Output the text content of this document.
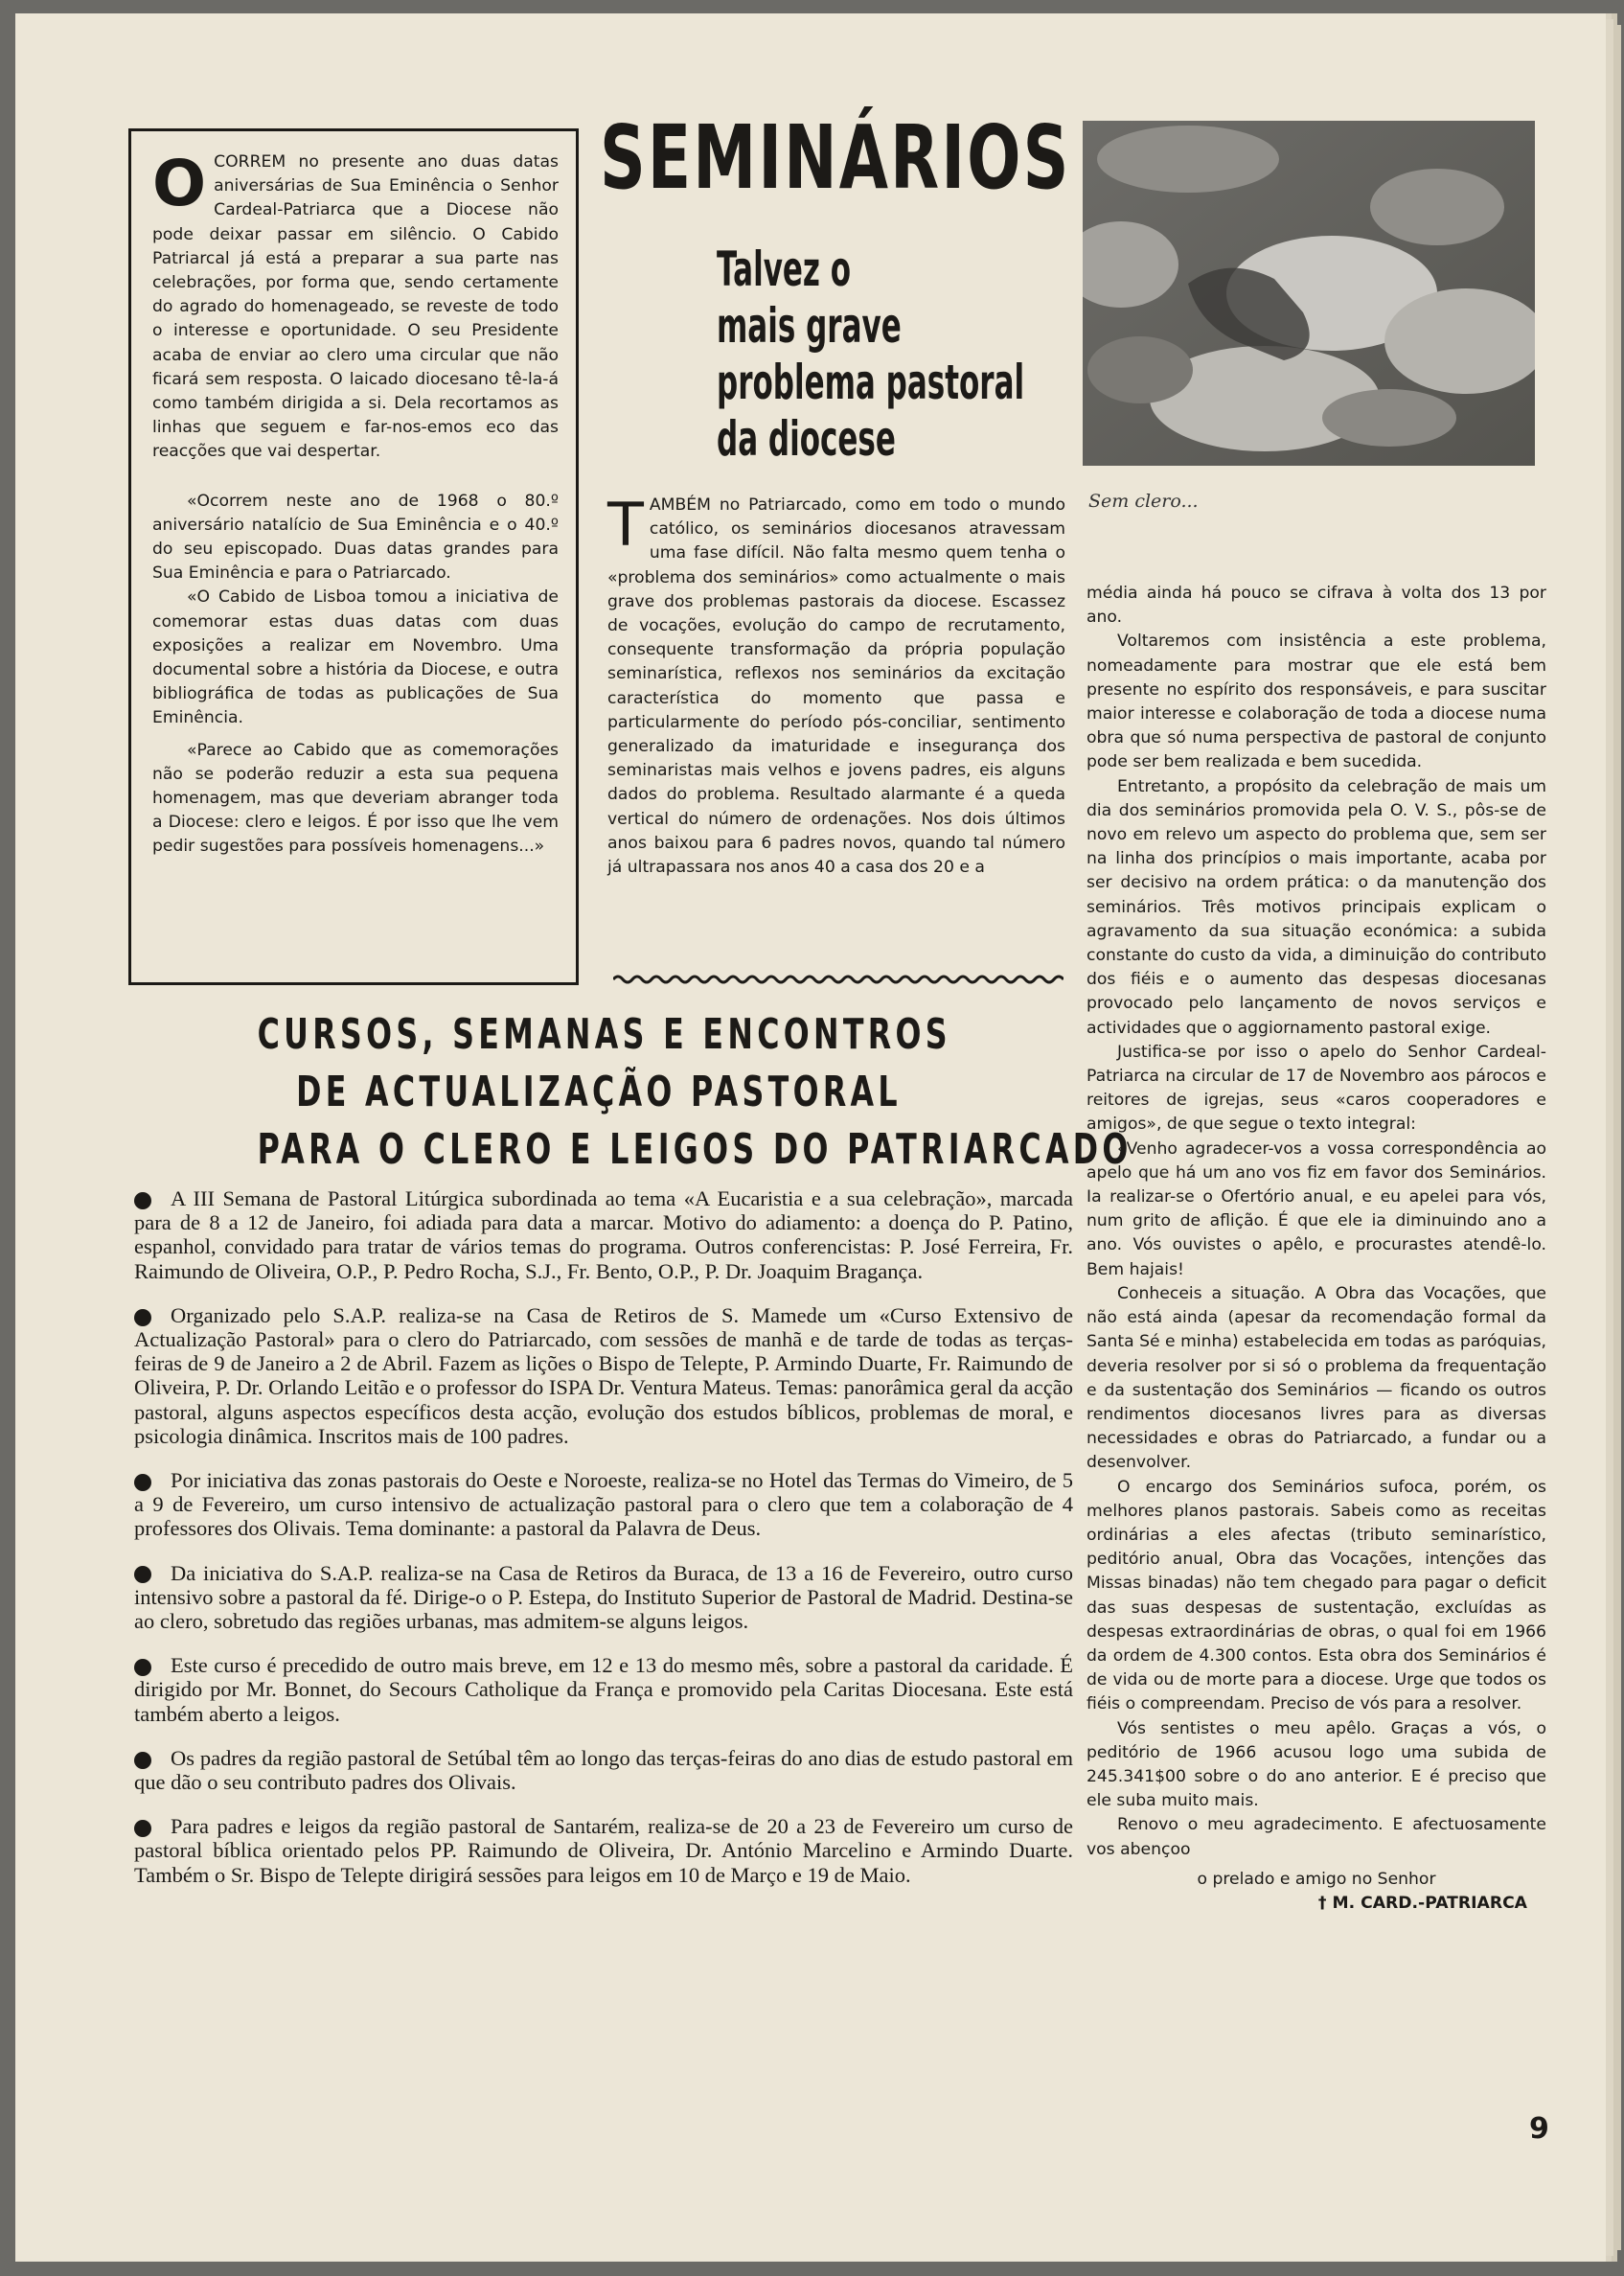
OCORREM no presente ano duas datas aniversárias de Sua Eminência o Senhor Cardeal-Patriarca que a Diocese não pode deixar passar em silêncio. O Cabido Patriarcal já está a preparar a sua parte nas celebrações, por forma que, sendo certamente do agrado do homenageado, se reveste de todo o interesse e oportunidade. O seu Presidente acaba de enviar ao clero uma circular que não ficará sem resposta. O laicado diocesano tê-la-á como também dirigida a si. Dela recortamos as linhas que seguem e far-nos-emos eco das reacções que vai despertar.

«Ocorrem neste ano de 1968 o 80.º aniversário natalício de Sua Eminência e o 40.º do seu episcopado. Duas datas grandes para Sua Eminência e para o Patriarcado.

«O Cabido de Lisboa tomou a iniciativa de comemorar estas duas datas com duas exposições a realizar em Novembro. Uma documental sobre a história da Diocese, e outra bibliográfica de todas as publicações de Sua Eminência.

«Parece ao Cabido que as comemorações não se poderão reduzir a esta sua pequena homenagem, mas que deveriam abranger toda a Diocese: clero e leigos. É por isso que lhe vem pedir sugestões para possíveis homenagens...»

SEMINÁRIOS
Talvez o
mais grave
problema pastoral
da diocese

TAMBÉM no Patriarcado, como em todo o mundo católico, os seminários diocesanos atravessam uma fase difícil. Não falta mesmo quem tenha o «problema dos seminários» como actualmente o mais grave dos problemas pastorais da diocese. Escassez de vocações, evolução do campo de recrutamento, consequente transformação da própria população seminarística, reflexos nos seminários da excitação característica do momento que passa e particularmente do período pós-conciliar, sentimento generalizado da imaturidade e insegurança dos seminaristas mais velhos e jovens padres, eis alguns dados do problema. Resultado alarmante é a queda vertical do número de ordenações. Nos dois últimos anos baixou para 6 padres novos, quando tal número já ultrapassara nos anos 40 a casa dos 20 e a

Sem clero...

média ainda há pouco se cifrava à volta dos 13 por ano.

Voltaremos com insistência a este problema, nomeadamente para mostrar que ele está bem presente no espírito dos responsáveis, e para suscitar maior interesse e colaboração de toda a diocese numa obra que só numa perspectiva de pastoral de conjunto pode ser bem realizada e bem sucedida.

Entretanto, a propósito da celebração de mais um dia dos seminários promovida pela O. V. S., pôs-se de novo em relevo um aspecto do problema que, sem ser na linha dos princípios o mais importante, acaba por ser decisivo na ordem prática: o da manutenção dos seminários. Três motivos principais explicam o agravamento da sua situação económica: a subida constante do custo da vida, a diminuição do contributo dos fiéis e o aumento das despesas diocesanas provocado pelo lançamento de novos serviços e actividades que o aggiornamento pastoral exige.

Justifica-se por isso o apelo do Senhor Cardeal-Patriarca na circular de 17 de Novembro aos párocos e reitores de igrejas, seus «caros cooperadores e amigos», de que segue o texto integral:

«Venho agradecer-vos a vossa correspondência ao apelo que há um ano vos fiz em favor dos Seminários. Ia realizar-se o Ofertório anual, e eu apelei para vós, num grito de aflição. É que ele ia diminuindo ano a ano. Vós ouvistes o apêlo, e procurastes atendê-lo. Bem hajais!

Conheceis a situação. A Obra das Vocações, que não está ainda (apesar da recomendação formal da Santa Sé e minha) estabelecida em todas as paróquias, deveria resolver por si só o problema da frequentação e da sustentação dos Seminários — ficando os outros rendimentos diocesanos livres para as diversas necessidades e obras do Patriarcado, a fundar ou a desenvolver.

O encargo dos Seminários sufoca, porém, os melhores planos pastorais. Sabeis como as receitas ordinárias a eles afectas (tributo seminarístico, peditório anual, Obra das Vocações, intenções das Missas binadas) não tem chegado para pagar o deficit das suas despesas de sustentação, excluídas as despesas extraordinárias de obras, o qual foi em 1966 da ordem de 4.300 contos. Esta obra dos Seminários é de vida ou de morte para a diocese. Urge que todos os fiéis o compreendam. Preciso de vós para a resolver.

Vós sentistes o meu apêlo. Graças a vós, o peditório de 1966 acusou logo uma subida de 245.341$00 sobre o do ano anterior. E é preciso que ele suba muito mais.

Renovo o meu agradecimento. E afectuosamente vos abençoo

o prelado e amigo no Senhor

† M. CARD.-PATRIARCA

CURSOS, SEMANAS E ENCONTROS
DE ACTUALIZAÇÃO PASTORAL
PARA O CLERO E LEIGOS DO PATRIARCADO
A III Semana de Pastoral Litúrgica subordinada ao tema «A Eucaristia e a sua celebração», marcada para de 8 a 12 de Janeiro, foi adiada para data a marcar. Motivo do adiamento: a doença do P. Patino, espanhol, convidado para tratar de vários temas do programa. Outros conferencistas: P. José Ferreira, Fr. Raimundo de Oliveira, O.P., P. Pedro Rocha, S.J., Fr. Bento, O.P., P. Dr. Joaquim Bragança.
Organizado pelo S.A.P. realiza-se na Casa de Retiros de S. Mamede um «Curso Extensivo de Actualização Pastoral» para o clero do Patriarcado, com sessões de manhã e de tarde de todas as terças-feiras de 9 de Janeiro a 2 de Abril. Fazem as lições o Bispo de Telepte, P. Armindo Duarte, Fr. Raimundo de Oliveira, P. Dr. Orlando Leitão e o professor do ISPA Dr. Ventura Mateus. Temas: panorâmica geral da acção pastoral, alguns aspectos específicos desta acção, evolução dos estudos bíblicos, problemas de moral, e psicologia dinâmica. Inscritos mais de 100 padres.
Por iniciativa das zonas pastorais do Oeste e Noroeste, realiza-se no Hotel das Termas do Vimeiro, de 5 a 9 de Fevereiro, um curso intensivo de actualização pastoral para o clero que tem a colaboração de 4 professores dos Olivais. Tema dominante: a pastoral da Palavra de Deus.
Da iniciativa do S.A.P. realiza-se na Casa de Retiros da Buraca, de 13 a 16 de Fevereiro, outro curso intensivo sobre a pastoral da fé. Dirige-o o P. Estepa, do Instituto Superior de Pastoral de Madrid. Destina-se ao clero, sobretudo das regiões urbanas, mas admitem-se alguns leigos.
Este curso é precedido de outro mais breve, em 12 e 13 do mesmo mês, sobre a pastoral da caridade. É dirigido por Mr. Bonnet, do Secours Catholique da França e promovido pela Caritas Diocesana. Este está também aberto a leigos.
Os padres da região pastoral de Setúbal têm ao longo das terças-feiras do ano dias de estudo pastoral em que dão o seu contributo padres dos Olivais.
Para padres e leigos da região pastoral de Santarém, realiza-se de 20 a 23 de Fevereiro um curso de pastoral bíblica orientado pelos PP. Raimundo de Oliveira, Dr. António Marcelino e Armindo Duarte. Também o Sr. Bispo de Telepte dirigirá sessões para leigos em 10 de Março e 19 de Maio.
9
